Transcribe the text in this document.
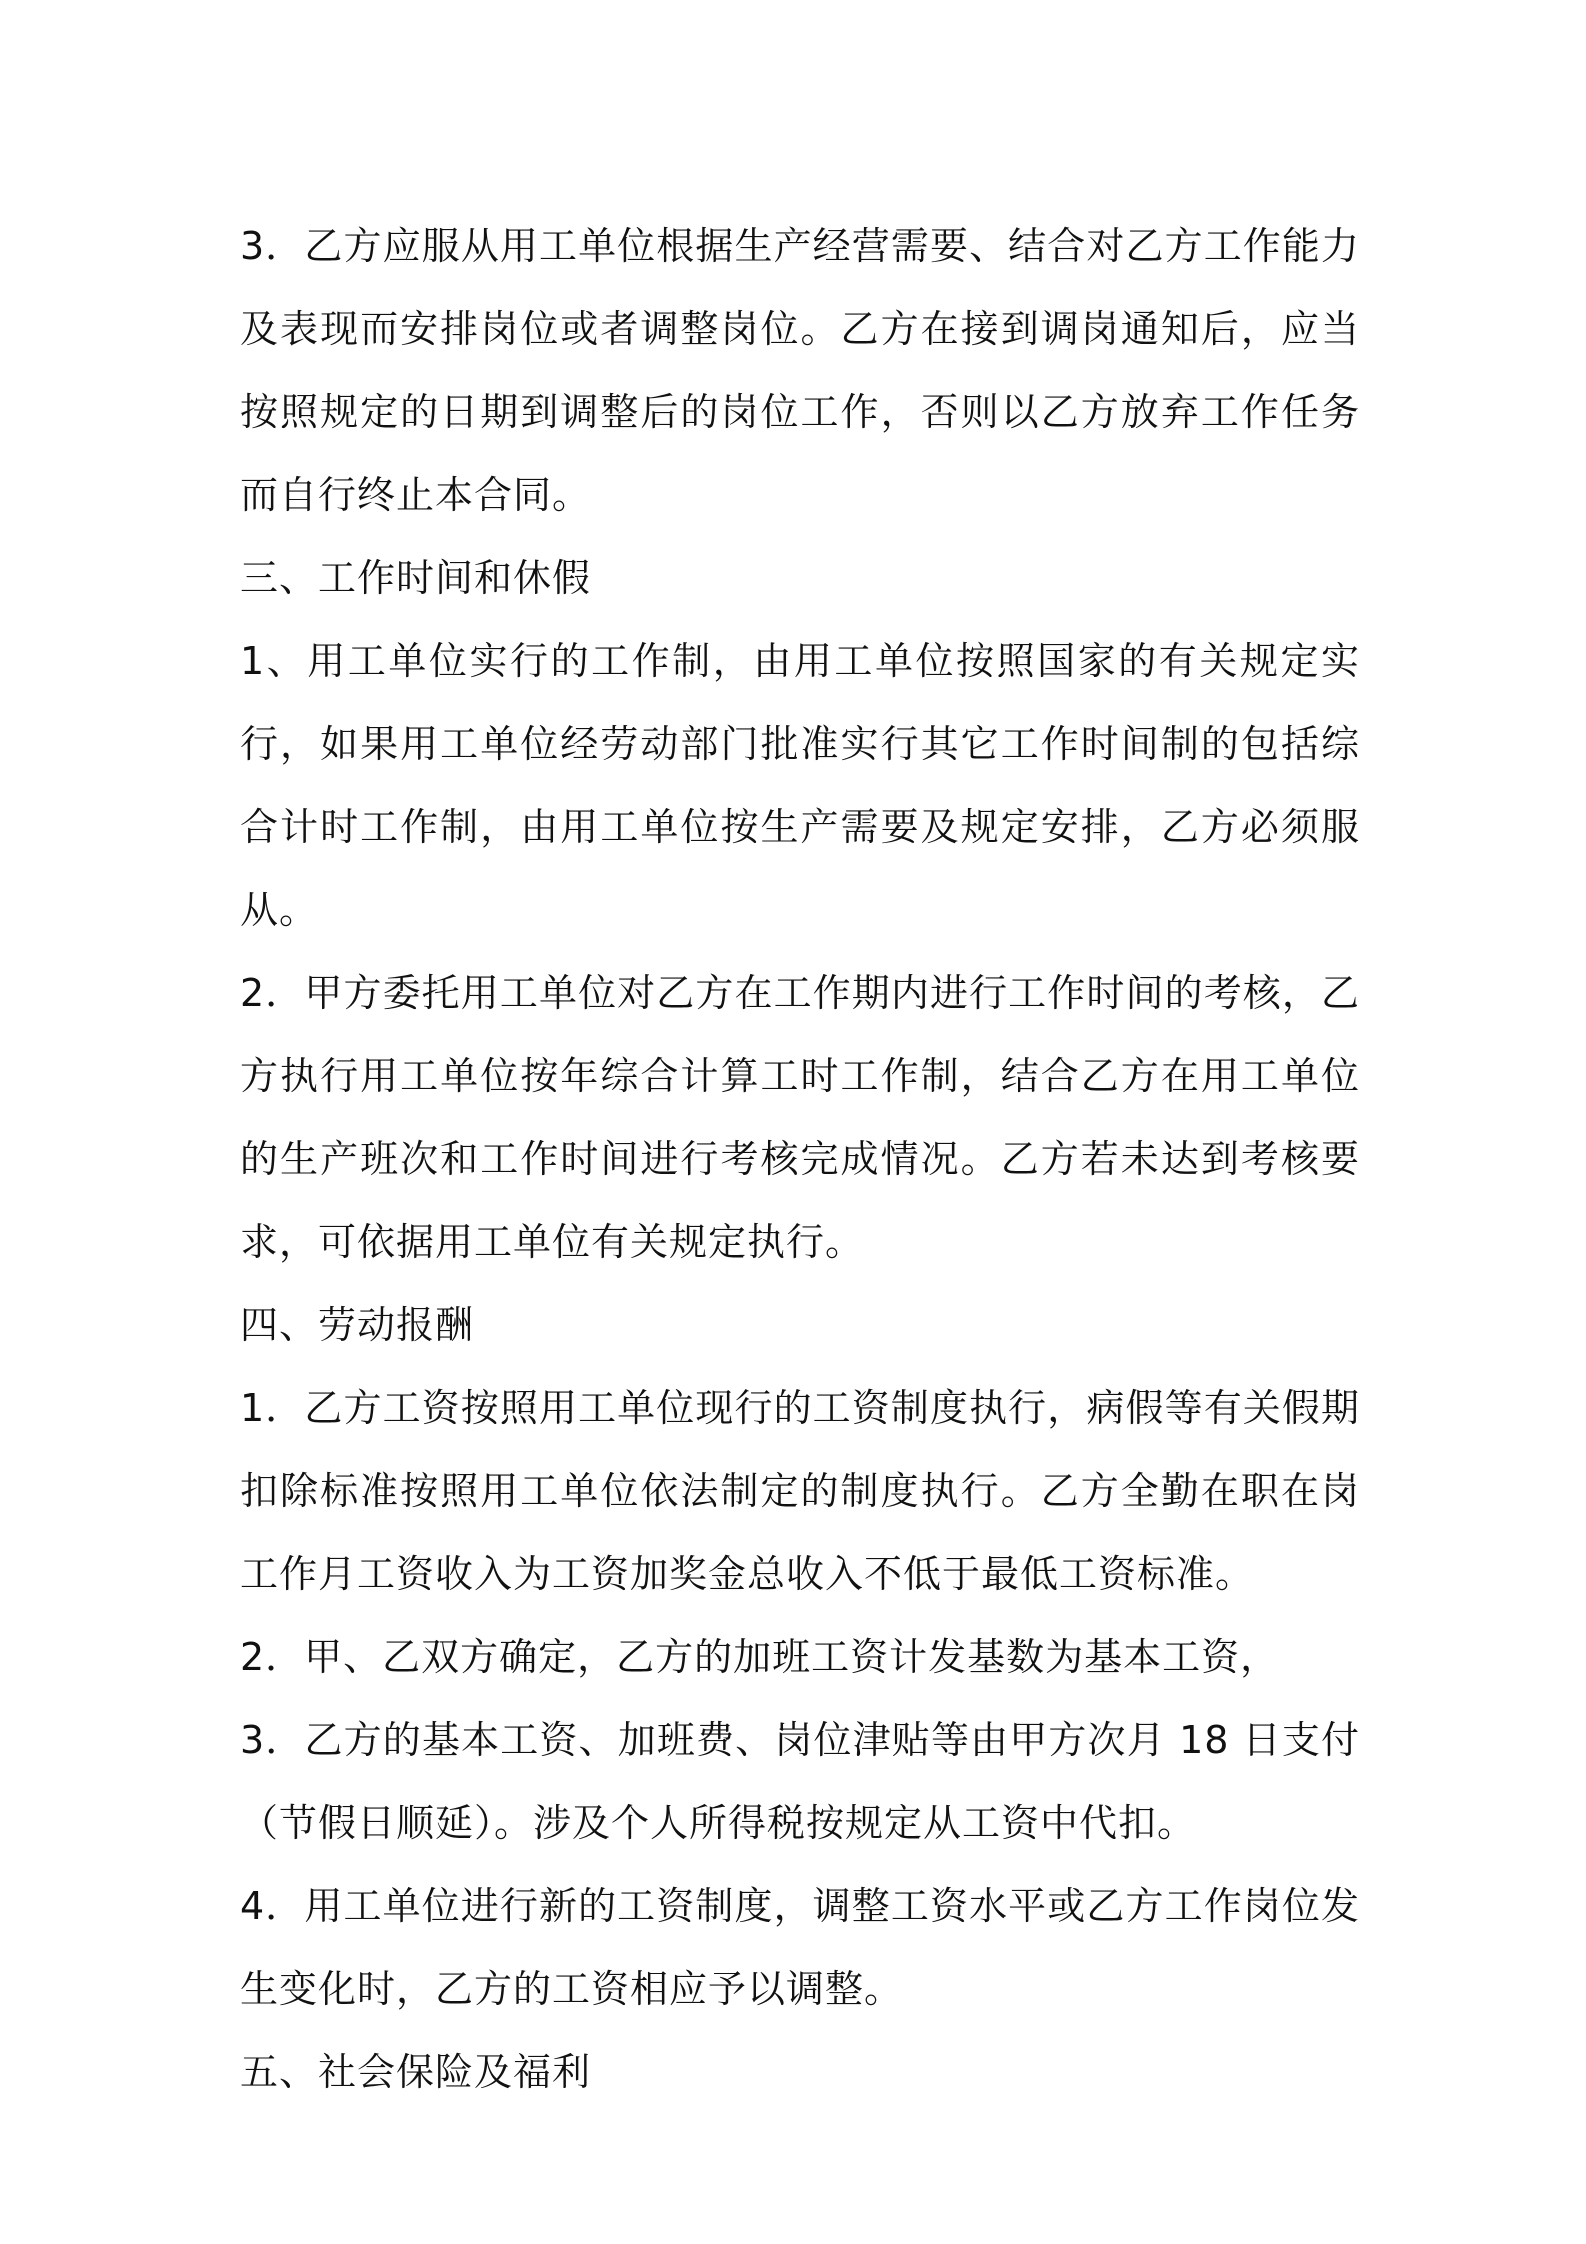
3．乙方应服从用工单位根据生产经营需要、结合对乙方工作能力及表现而安排岗位或者调整岗位。乙方在接到调岗通知后，应当按照规定的日期到调整后的岗位工作，否则以乙方放弃工作任务而自行终止本合同。

三、工作时间和休假

1、用工单位实行的工作制，由用工单位按照国家的有关规定实行，如果用工单位经劳动部门批准实行其它工作时间制的包括综合计时工作制，由用工单位按生产需要及规定安排，乙方必须服从。

2．甲方委托用工单位对乙方在工作期内进行工作时间的考核，乙方执行用工单位按年综合计算工时工作制，结合乙方在用工单位的生产班次和工作时间进行考核完成情况。乙方若未达到考核要求，可依据用工单位有关规定执行。

四、劳动报酬

1．乙方工资按照用工单位现行的工资制度执行，病假等有关假期扣除标准按照用工单位依法制定的制度执行。乙方全勤在职在岗工作月工资收入为工资加奖金总收入不低于最低工资标准。

2．甲、乙双方确定，乙方的加班工资计发基数为基本工资，

3．乙方的基本工资、加班费、岗位津贴等由甲方次月 18 日支付（节假日顺延）。涉及个人所得税按规定从工资中代扣。

4．用工单位进行新的工资制度，调整工资水平或乙方工作岗位发生变化时，乙方的工资相应予以调整。

五、社会保险及福利
